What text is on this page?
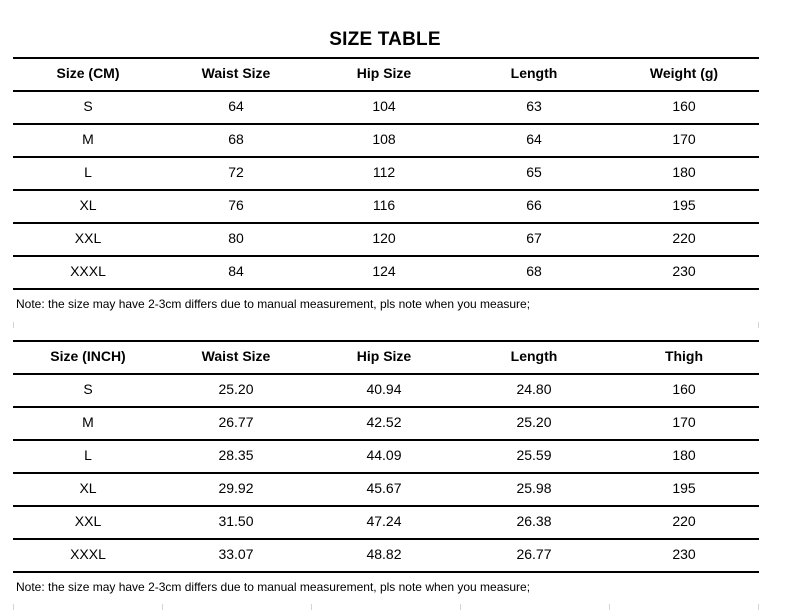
SIZE TABLE
Size (CM)	Waist Size	Hip Size	Length	Weight (g)
S	64	104	63	160
M	68	108	64	170
L	72	112	65	180
XL	76	116	66	195
XXL	80	120	67	220
XXXL	84	124	68	230
Note: the size may have 2-3cm differs due to manual measurement, pls note when you measure;
Size (INCH)	Waist Size	Hip Size	Length	Thigh
S	25.20	40.94	24.80	160
M	26.77	42.52	25.20	170
L	28.35	44.09	25.59	180
XL	29.92	45.67	25.98	195
XXL	31.50	47.24	26.38	220
XXXL	33.07	48.82	26.77	230
Note: the size may have 2-3cm differs due to manual measurement, pls note when you measure;
